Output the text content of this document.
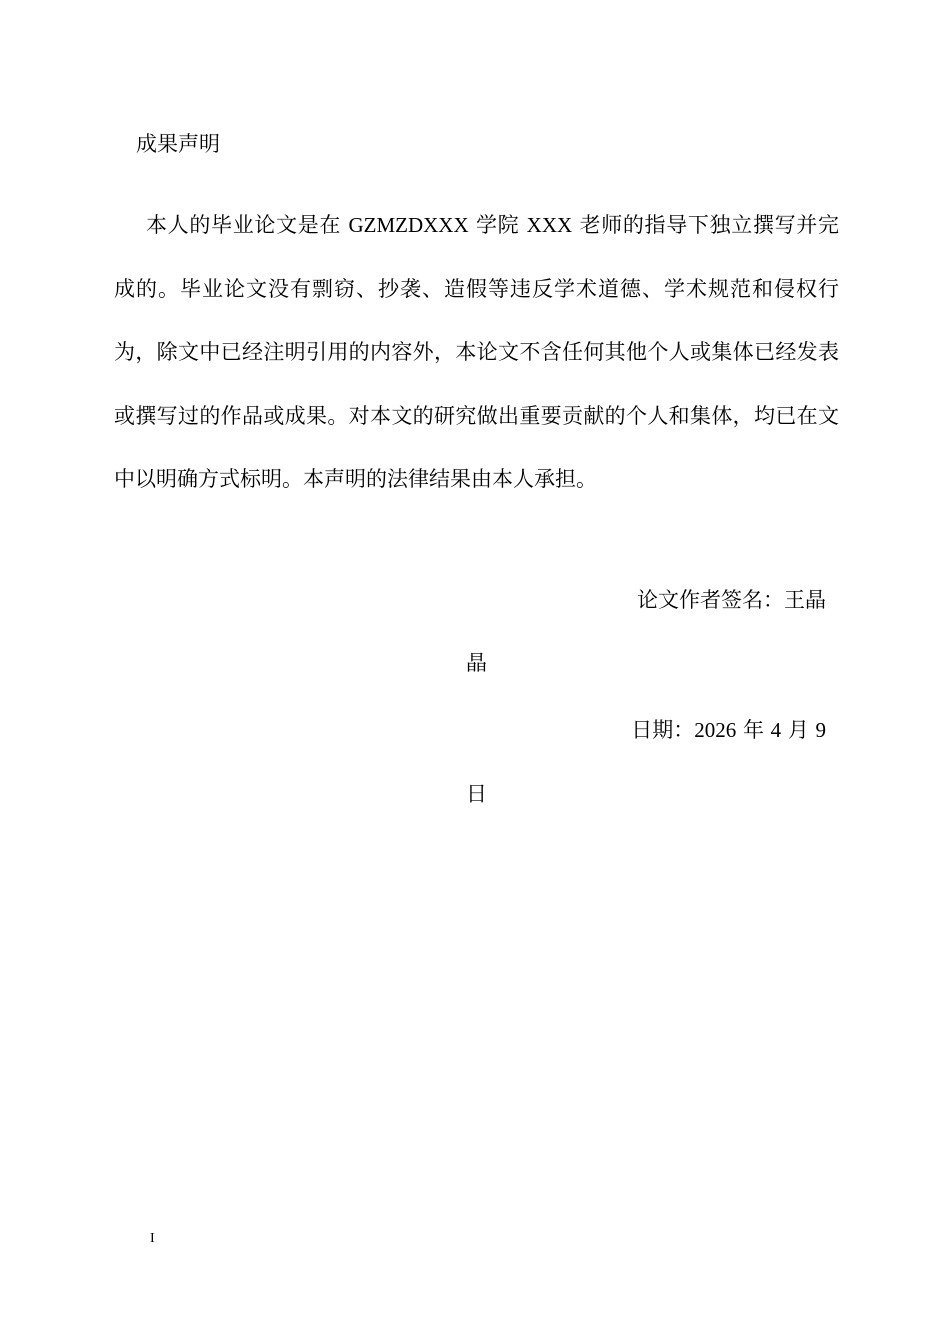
成果声明

本人的毕业论文是在 GZMZDXXX 学院 XXX 老师的指导下独立撰写并完成的。毕业论文没有剽窃、抄袭、造假等违反学术道德、学术规范和侵权行为，除文中已经注明引用的内容外，本论文不含任何其他个人或集体已经发表或撰写过的作品或成果。对本文的研究做出重要贡献的个人和集体，均已在文中以明确方式标明。本声明的法律结果由本人承担。

论文作者签名：王晶
晶
日期：2026 年 4 月 9
日
I
